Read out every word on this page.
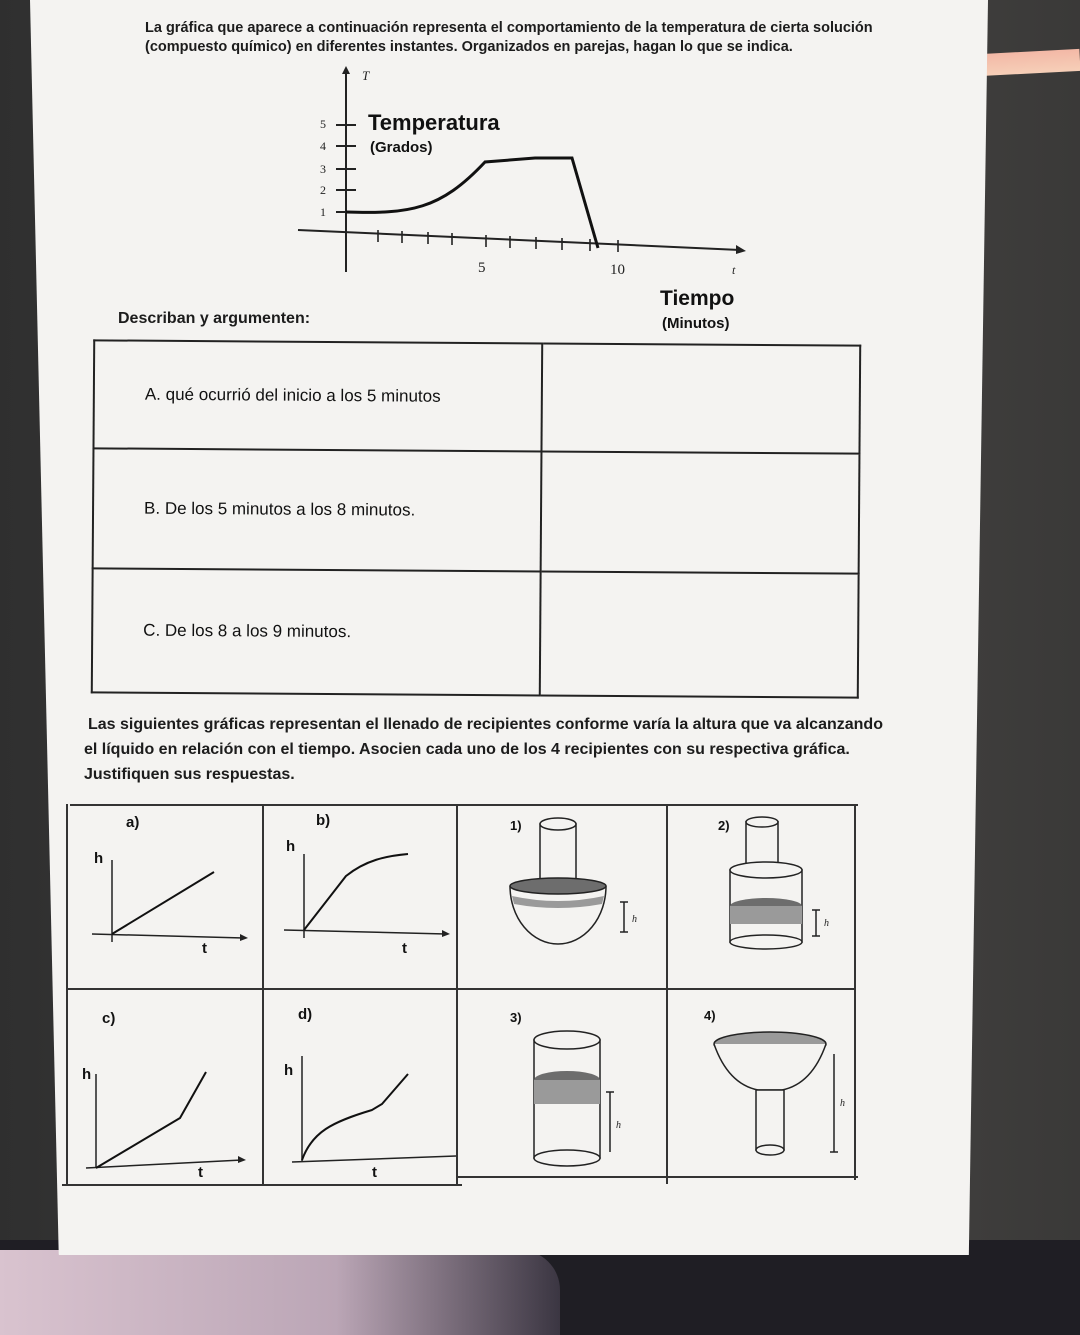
La gráfica que aparece a continuación representa el comportamiento de la temperatura de cierta solución
(compuesto químico) en diferentes instantes. Organizados en parejas, hagan lo que se indica.
5
4
3
2
1
5	10	t
T
Temperatura
(Grados)
Tiempo
(Minutos)
Describan y argumenten:
A. qué ocurrió del inicio a los 5 minutos	
B. De los 5 minutos a los 8 minutos.	
C. De los 8 a los 9 minutos.	
Las siguientes gráficas representan el llenado de recipientes conforme varía la altura que va alcanzando
el líquido en relación con el tiempo. Asocien cada uno de los 4 recipientes con su respectiva gráfica.
Justifiquen sus respuestas.
a)
h
t
b)
h
t
c)
h
t
d)
h
t
1)
h
2)
h
3)
h
4)
h
